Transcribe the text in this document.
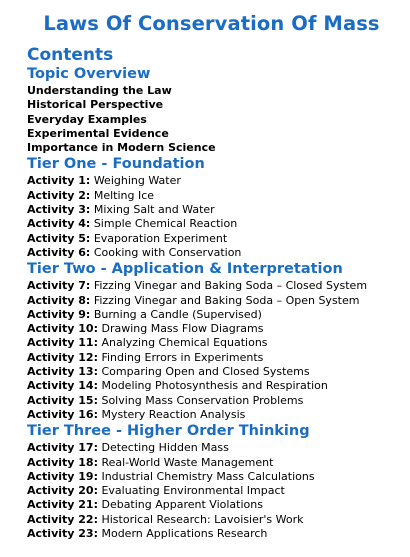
Laws Of Conservation Of Mass
Contents
Topic Overview
Understanding the Law
Historical Perspective
Everyday Examples
Experimental Evidence
Importance in Modern Science
Tier One - Foundation
Activity 1: Weighing Water
Activity 2: Melting Ice
Activity 3: Mixing Salt and Water
Activity 4: Simple Chemical Reaction
Activity 5: Evaporation Experiment
Activity 6: Cooking with Conservation
Tier Two - Application & Interpretation
Activity 7: Fizzing Vinegar and Baking Soda – Closed System
Activity 8: Fizzing Vinegar and Baking Soda – Open System
Activity 9: Burning a Candle (Supervised)
Activity 10: Drawing Mass Flow Diagrams
Activity 11: Analyzing Chemical Equations
Activity 12: Finding Errors in Experiments
Activity 13: Comparing Open and Closed Systems
Activity 14: Modeling Photosynthesis and Respiration
Activity 15: Solving Mass Conservation Problems
Activity 16: Mystery Reaction Analysis
Tier Three - Higher Order Thinking
Activity 17: Detecting Hidden Mass
Activity 18: Real-World Waste Management
Activity 19: Industrial Chemistry Mass Calculations
Activity 20: Evaluating Environmental Impact
Activity 21: Debating Apparent Violations
Activity 22: Historical Research: Lavoisier's Work
Activity 23: Modern Applications Research
